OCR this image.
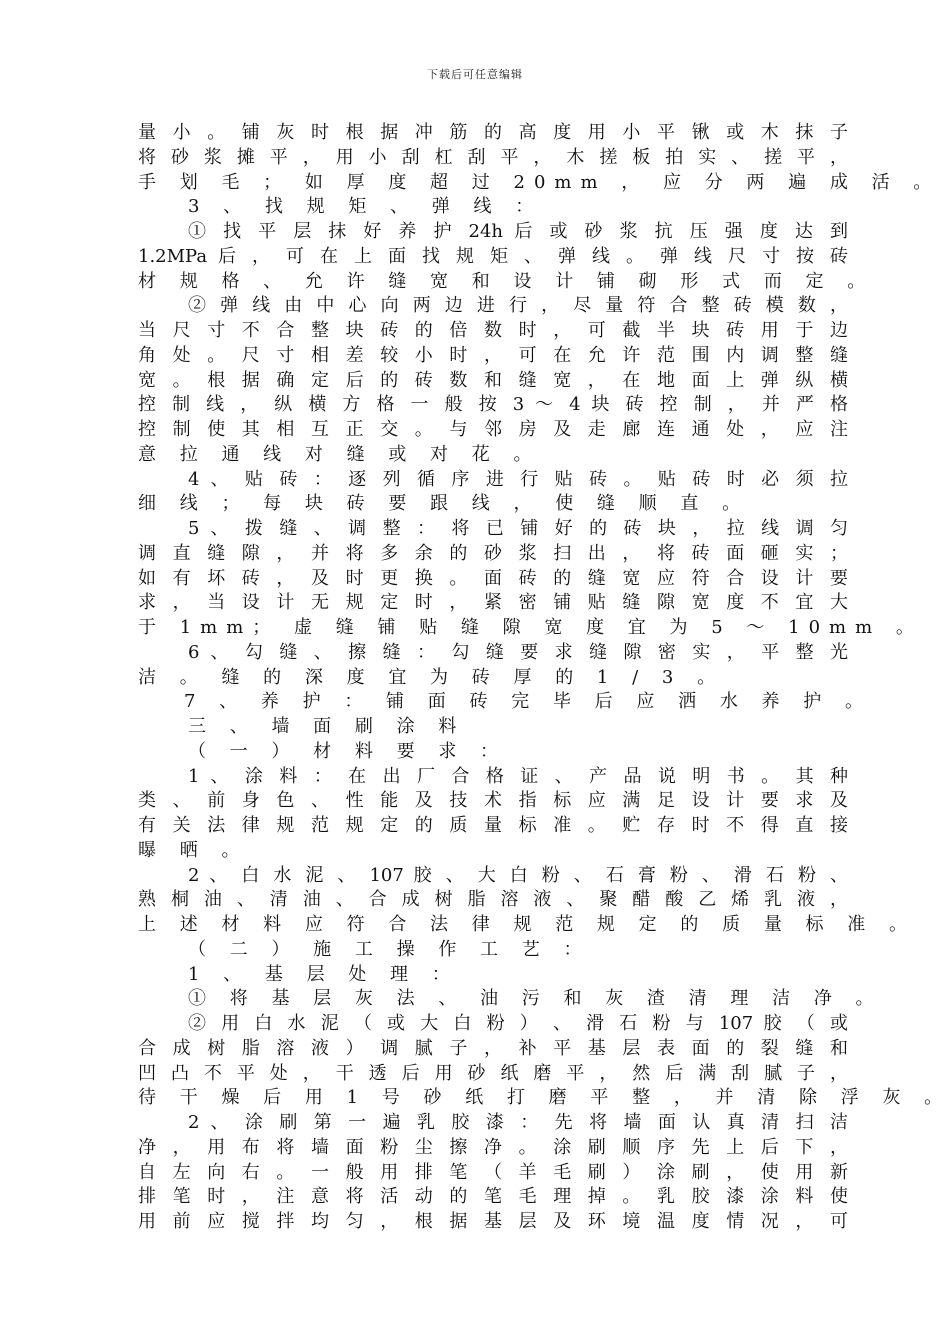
下载后可任意编辑
量 小 。 铺 灰 时 根 据 冲 筋 的 高 度 用 小 平 锹 或 木 抹 子
将 砂 浆 摊 平 ， 用 小 刮 杠 刮 平 ， 木 搓 板 拍 实 、 搓 平 ，
手 划 毛 ； 如 厚 度 超 过 20mm ， 应 分 两 遍 成 活 。
3 、 找 规 矩 、 弹 线 ：
① 找 平 层 抹 好 养 护 24h 后 或 砂 浆 抗 压 强 度 达 到
1.2MPa 后 ， 可 在 上 面 找 规 矩 、 弹 线 。 弹 线 尺 寸 按 砖
材 规 格 、 允 许 缝 宽 和 设 计 铺 砌 形 式 而 定 。
② 弹 线 由 中 心 向 两 边 进 行 ， 尽 量 符 合 整 砖 模 数 ，
当 尺 寸 不 合 整 块 砖 的 倍 数 时 ， 可 截 半 块 砖 用 于 边
角 处 。 尺 寸 相 差 较 小 时 ， 可 在 允 许 范 围 内 调 整 缝
宽 。 根 据 确 定 后 的 砖 数 和 缝 宽 ， 在 地 面 上 弹 纵 横
控 制 线 ， 纵 横 方 格 一 般 按 3 ～ 4 块 砖 控 制 ， 并 严 格
控 制 使 其 相 互 正 交 。 与 邻 房 及 走 廊 连 通 处 ， 应 注
意 拉 通 线 对 缝 或 对 花 。
4 、 贴 砖 ： 逐 列 循 序 进 行 贴 砖 。 贴 砖 时 必 须 拉
细 线 ； 每 块 砖 要 跟 线 ， 使 缝 顺 直 。
5 、 拨 缝 、 调 整 ： 将 已 铺 好 的 砖 块 ， 拉 线 调 匀
调 直 缝 隙 ， 并 将 多 余 的 砂 浆 扫 出 ， 将 砖 面 砸 实 ；
如 有 坏 砖 ， 及 时 更 换 。 面 砖 的 缝 宽 应 符 合 设 计 要
求 ， 当 设 计 无 规 定 时 ， 紧 密 铺 贴 缝 隙 宽 度 不 宜 大
于 1mm； 虚 缝 铺 贴 缝 隙 宽 度 宜 为 5 ～ 10mm 。
6 、 勾 缝 、 擦 缝 ： 勾 缝 要 求 缝 隙 密 实 ， 平 整 光
洁 。 缝 的 深 度 宜 为 砖 厚 的 1 / 3 。
7 、 养 护 ： 铺 面 砖 完 毕 后 应 洒 水 养 护 。
三 、 墙 面 刷 涂 料
（ 一 ） 材 料 要 求 ：
1 、 涂 料 ： 在 出 厂 合 格 证 、 产 品 说 明 书 。 其 种
类 、 前 身 色 、 性 能 及 技 术 指 标 应 满 足 设 计 要 求 及
有 关 法 律 规 范 规 定 的 质 量 标 准 。 贮 存 时 不 得 直 接
曝 晒 。
2 、 白 水 泥 、 107 胶 、 大 白 粉 、 石 膏 粉 、 滑 石 粉 、
熟 桐 油 、 清 油 、 合 成 树 脂 溶 液 、 聚 醋 酸 乙 烯 乳 液 ，
上 述 材 料 应 符 合 法 律 规 范 规 定 的 质 量 标 准 。
（ 二 ） 施 工 操 作 工 艺 ：
1 、 基 层 处 理 ：
① 将 基 层 灰 法 、 油 污 和 灰 渣 清 理 洁 净 。
② 用 白 水 泥 （ 或 大 白 粉 ） 、 滑 石 粉 与 107 胶 （ 或
合 成 树 脂 溶 液 ） 调 腻 子 ， 补 平 基 层 表 面 的 裂 缝 和
凹 凸 不 平 处 ， 干 透 后 用 砂 纸 磨 平 ， 然 后 满 刮 腻 子 ，
待 干 燥 后 用 1 号 砂 纸 打 磨 平 整 ， 并 清 除 浮 灰 。
2 、 涂 刷 第 一 遍 乳 胶 漆 ： 先 将 墙 面 认 真 清 扫 洁
净 ， 用 布 将 墙 面 粉 尘 擦 净 。 涂 刷 顺 序 先 上 后 下 ，
自 左 向 右 。 一 般 用 排 笔 （ 羊 毛 刷 ） 涂 刷 ， 使 用 新
排 笔 时 ， 注 意 将 活 动 的 笔 毛 理 掉 。 乳 胶 漆 涂 料 使
用 前 应 搅 拌 均 匀 ， 根 据 基 层 及 环 境 温 度 情 况 ， 可
